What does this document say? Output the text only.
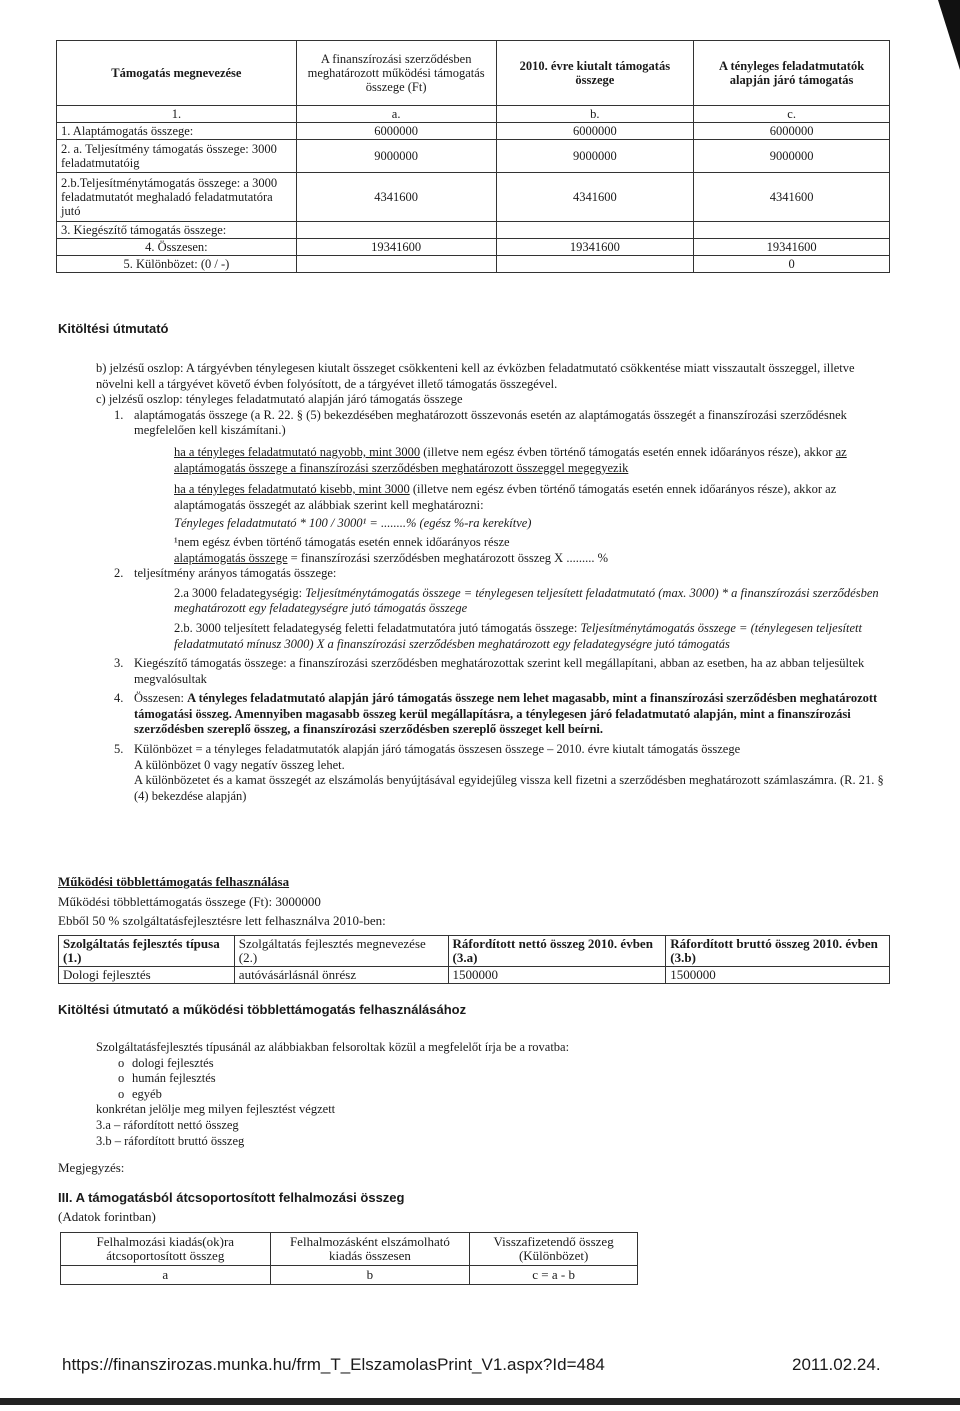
Támogatás megnevezése	A finanszírozási szerződésben meghatározott működési támogatás összege (Ft)	2010. évre kiutalt támogatás összege	A tényleges feladatmutatók alapján járó támogatás
1.	a.	b.	c.
1. Alaptámogatás összege:	6000000	6000000	6000000
2. a. Teljesítmény támogatás összege: 3000 feladatmutatóig	9000000	9000000	9000000
2.b.Teljesítménytámogatás összege: a 3000 feladatmutatót meghaladó feladatmutatóra jutó	4341600	4341600	4341600
3. Kiegészítő támogatás összege:			
4. Összesen:	19341600	19341600	19341600
5. Különbözet: (0 / -)			0
Kitöltési útmutató

b) jelzésű oszlop: A tárgyévben ténylegesen kiutalt összeget csökkenteni kell az évközben feladatmutató csökkentése miatt visszautalt összeggel, illetve növelni kell a tárgyévet követő évben folyósított, de a tárgyévet illető támogatás összegével.

c) jelzésű oszlop: tényleges feladatmutató alapján járó támogatás összege

1. alaptámogatás összege (a R. 22. § (5) bekezdésében meghatározott összevonás esetén az alaptámogatás összegét a finanszírozási szerződésnek megfelelően kell kiszámítani.)

ha a tényleges feladatmutató nagyobb, mint 3000 (illetve nem egész évben történő támogatás esetén ennek időarányos része), akkor az alaptámogatás összege a finanszírozási szerződésben meghatározott összeggel megegyezik

ha a tényleges feladatmutató kisebb, mint 3000 (illetve nem egész évben történő támogatás esetén ennek időarányos része), akkor az alaptámogatás összegét az alábbiak szerint kell meghatározni:

Tényleges feladatmutató * 100 / 3000¹ = ........% (egész %-ra kerekítve)

¹nem egész évben történő támogatás esetén ennek időarányos része

alaptámogatás összege = finanszírozási szerződésben meghatározott összeg X ......... %

2. teljesítmény arányos támogatás összege:

2.a 3000 feladategységig: Teljesítménytámogatás összege = ténylegesen teljesített feladatmutató (max. 3000) * a finanszírozási szerződésben meghatározott egy feladategységre jutó támogatás összege

2.b. 3000 teljesített feladategység feletti feladatmutatóra jutó támogatás összege: Teljesítménytámogatás összege = (ténylegesen teljesített feladatmutató mínusz 3000) X a finanszírozási szerződésben meghatározott egy feladategységre jutó támogatás

3. Kiegészítő támogatás összege: a finanszírozási szerződésben meghatározottak szerint kell megállapítani, abban az esetben, ha az abban teljesültek megvalósultak

4. Összesen: A tényleges feladatmutató alapján járó támogatás összege nem lehet magasabb, mint a finanszírozási szerződésben meghatározott támogatási összeg. Amennyiben magasabb összeg kerül megállapításra, a ténylegesen járó feladatmutató alapján, mint a finanszírozási szerződésben szereplő összeg, a finanszírozási szerződésben szereplő összeget kell beírni.

5. Különbözet = a tényleges feladatmutatók alapján járó támogatás összesen összege – 2010. évre kiutalt támogatás összege

A különbözet 0 vagy negatív összeg lehet.

A különbözetet és a kamat összegét az elszámolás benyújtásával egyidejűleg vissza kell fizetni a szerződésben meghatározott számlaszámra. (R. 21. § (4) bekezdése alapján)

Működési többlettámogatás felhasználása
Működési többlettámogatás összege (Ft): 3000000
Ebből 50 % szolgáltatásfejlesztésre lett felhasználva 2010-ben:
Szolgáltatás fejlesztés típusa (1.)	Szolgáltatás fejlesztés megnevezése (2.)	Ráfordított nettó összeg 2010. évben (3.a)	Ráfordított bruttó összeg 2010. évben (3.b)
Dologi fejlesztés	autóvásárlásnál önrész	1500000	1500000
Kitöltési útmutató a működési többlettámogatás felhasználásához

Szolgáltatásfejlesztés típusánál az alábbiakban felsoroltak közül a megfelelőt írja be a rovatba:

o dologi fejlesztés
o humán fejlesztés
o egyéb

konkrétan jelölje meg milyen fejlesztést végzett

3.a – ráfordított nettó összeg

3.b – ráfordított bruttó összeg

Megjegyzés:
III. A támogatásból átcsoportosított felhalmozási összeg
(Adatok forintban)
Felhalmozási kiadás(ok)ra átcsoportosított összeg	Felhalmozásként elszámolható kiadás összesen	Visszafizetendő összeg (Különbözet)
a	b	c = a - b
https://finanszirozas.munka.hu/frm_T_ElszamolasPrint_V1.aspx?Id=484	2011.02.24.
